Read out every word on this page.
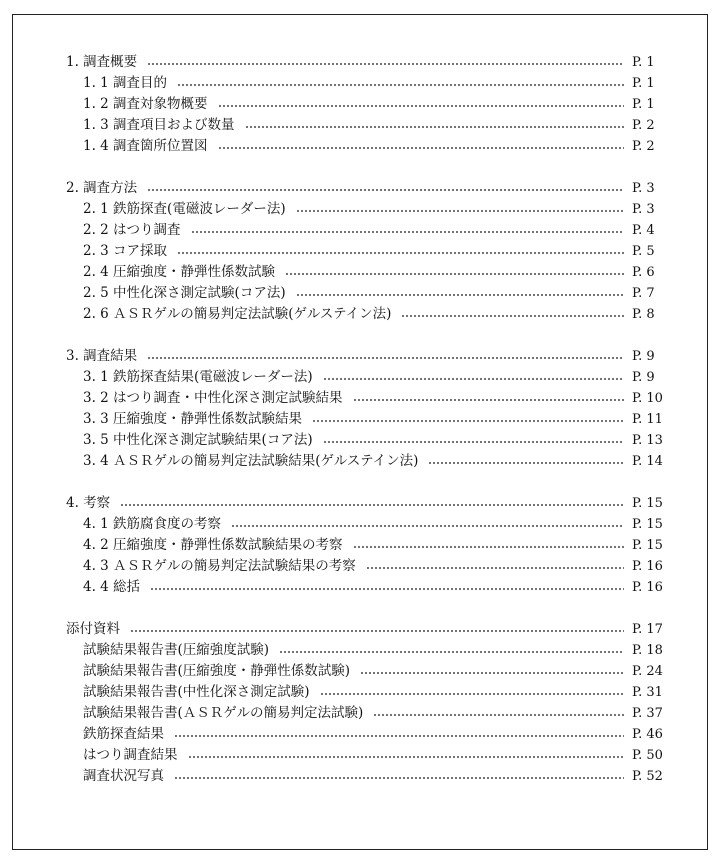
1. 調査概要	P. 1
1. 1 調査目的	P. 1
1. 2 調査対象物概要	P. 1
1. 3 調査項目および数量	P. 2
1. 4 調査箇所位置図	P. 2
2. 調査方法	P. 3
2. 1 鉄筋探査(電磁波レーダー法)	P. 3
2. 2 はつり調査	P. 4
2. 3 コア採取	P. 5
2. 4 圧縮強度・静弾性係数試験	P. 6
2. 5 中性化深さ測定試験(コア法)	P. 7
2. 6 ＡＳＲゲルの簡易判定法試験(ゲルステイン法)	P. 8
3. 調査結果	P. 9
3. 1 鉄筋探査結果(電磁波レーダー法)	P. 9
3. 2 はつり調査・中性化深さ測定試験結果	P. 10
3. 3 圧縮強度・静弾性係数試験結果	P. 11
3. 5 中性化深さ測定試験結果(コア法)	P. 13
3. 4 ＡＳＲゲルの簡易判定法試験結果(ゲルステイン法)	P. 14
4. 考察	P. 15
4. 1 鉄筋腐食度の考察	P. 15
4. 2 圧縮強度・静弾性係数試験結果の考察	P. 15
4. 3 ＡＳＲゲルの簡易判定法試験結果の考察	P. 16
4. 4 総括	P. 16
添付資料	P. 17
試験結果報告書(圧縮強度試験)	P. 18
試験結果報告書(圧縮強度・静弾性係数試験)	P. 24
試験結果報告書(中性化深さ測定試験)	P. 31
試験結果報告書(ＡＳＲゲルの簡易判定法試験)	P. 37
鉄筋探査結果	P. 46
はつり調査結果	P. 50
調査状況写真	P. 52
